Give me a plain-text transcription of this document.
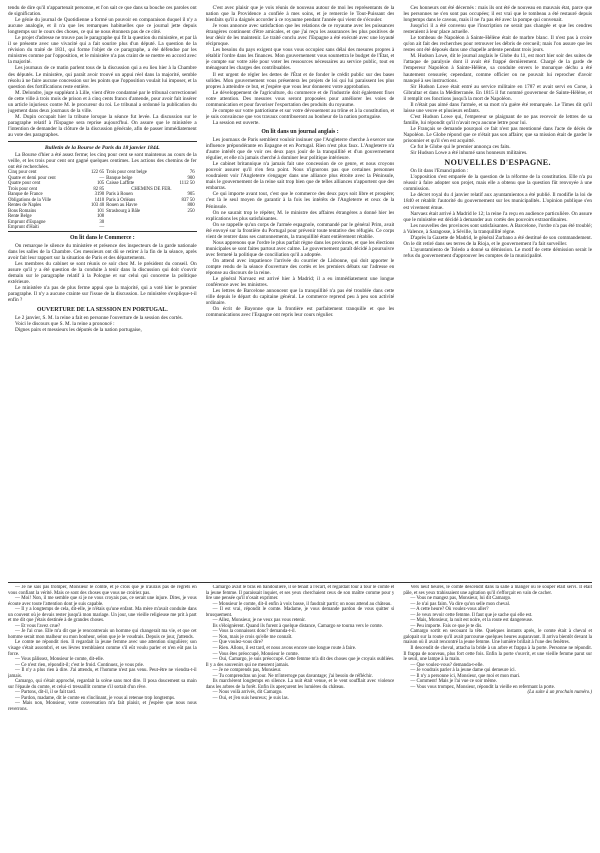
tendu de dire qu'il n'appartenait personne, et l'on sait ce que dans sa bouche ces paroles ont de signification.

Le génie du journal de Quotidienne a formé un pouvoir en comparaison duquel il n'y a aucune analogie, et il n'a que les remarques habituelles que ce journal jette depuis longtemps sur le cours des choses, ce qui ne nous étonnera pas de ce côté.

Le projet d'adresse ne trouve pas le paragraphe qui fit la question du ministère, et par là il se présente avec une vivacité qui a fait sourire plus d'un député. La question de la révision du traité de 1831, qui forme l'objet de ce paragraphe, a été défendue par les ministres comme par l'opposition, et le ministère n'a pas craint de se mettre en accord avec la majorité.

Les journaux de ce matin parlent tous de la discussion qui a eu lieu hier à la Chambre des députés. Le ministère, qui paraît avoir trouvé un appui réel dans la majorité, semble résolu à ne faire aucune concession sur les points que l'opposition voulait lui imposer, et la question des fortifications reste entière.

M. Delondre, juge suppléant à Lille, vient d'être condamné par le tribunal correctionnel de cette ville à trois mois de prison et à cinq cents francs d'amende, pour avoir fait insérer un article injurieux contre M. le procureur du roi. Le tribunal a ordonné la publication du jugement dans deux journaux de la ville.

M. Dupin occupait hier la tribune lorsque la séance fut levée. La discussion sur le paragraphe relatif à l'Espagne sera reprise aujourd'hui. On assure que le ministère a l'intention de demander la clôture de la discussion générale, afin de passer immédiatement au vote des paragraphes.

Bulletin de la Bourse de Paris du 18 janvier 1844.

La Bourse d'hier a été assez ferme; les cinq pour cent se sont maintenus au cours de la veille, et les trois pour cent ont gagné quelques centimes. Les actions des chemins de fer ont été recherchées.

Cinq pour cent	122 65	Trois pour cent belge	76
Quatre et demi pour cent	—	Banque belge	900
Quatre pour cent	105	Caisse Laffitte	1112 50
Trois pour cent	82 85	CHEMINS DE FER.	
Banque de France	3190	Paris à Rouen	905
Obligations de la Ville	1410	Paris à Orléans	837 50
Rentes de Naples	103 40	Rouen au Havre	800
Bons Romains	101	Strasbourg à Bâle	250
Rente Belge	108		
Emprunt d'Espagne	30		
Emprunt d'Haïti	—		
On lit dans le Commerce :

On remarque le silence du ministère et présence des inspecteurs de la garde nationale dans les salles de la Chambre. Ces messieurs ont dû se retirer à la fin de la séance, après avoir fait leur rapport sur la situation de Paris et des départements.

Les membres du cabinet se sont réunis ce soir chez M. le président du conseil. On assure qu'il y a été question de la conduite à tenir dans la discussion qui doit s'ouvrir demain sur le paragraphe relatif à la Pologne et sur celui qui concerne la politique extérieure.

Le ministère n'a pas de plus ferme appui que la majorité, qui a voté hier le premier paragraphe. Il n'y a aucune crainte sur l'issue de la discussion. Le ministère s'explique-t-il enfin ?

OUVERTURE DE LA SESSION EN PORTUGAL.

Le 2 janvier, S. M. la reine a fait en personne l'ouverture de la session des cortès.

Voici le discours que S. M. la reine a prononcé :

Dignes pairs et messieurs les députés de la nation portugaise,

C'est avec plaisir que je vois réunis de nouveau autour de moi les représentants de la nation que la Providence a confiée à mes soins, et je remercie le Tout-Puissant des bienfaits qu'il a daignés accorder à ce royaume pendant l'année qui vient de s'écouler.

Je vous annonce avec satisfaction que les relations de ce royaume avec les puissances étrangères continuent d'être amicales, et que j'ai reçu les assurances les plus positives de leur désir de les maintenir. Le traité conclu avec l'Espagne a été exécuté avec une loyauté réciproque.

Les besoins du pays exigent que vous vous occupiez sans délai des mesures propres à rétablir l'ordre dans les finances. Mon gouvernement vous soumettra le budget de l'État, et je compte sur votre zèle pour voter les ressources nécessaires au service public, tout en ménageant les charges des contribuables.

Il est urgent de régler les dettes de l'État et de fonder le crédit public sur des bases solides. Mon gouvernement vous présentera les projets de loi qui lui paraissent les plus propres à atteindre ce but, et j'espère que vous leur donnerez votre approbation.

Le développement de l'agriculture, du commerce et de l'industrie doit également fixer votre attention. Des mesures vous seront proposées pour améliorer les voies de communication et pour favoriser l'exportation des produits du royaume.

Je compte sur votre patriotisme et sur votre dévouement au trône et à la constitution, et je suis convaincue que vos travaux contribueront au bonheur de la nation portugaise.

La session est ouverte.

On lit dans un journal anglais :

Les journaux de Paris semblent vouloir insinuer que l'Angleterre cherche à exercer une influence prépondérante en Espagne et en Portugal. Rien n'est plus faux. L'Angleterre n'a d'autre intérêt que de voir ces deux pays jouir de la tranquillité et d'un gouvernement régulier, et elle n'a jamais cherché à dominer leur politique intérieure.

Le cabinet britannique n'a jamais fait une concession de ce genre, et nous croyons pouvoir assurer qu'il n'en fera point. Nous n'ignorons pas que certaines personnes voudraient voir l'Angleterre s'engager dans une alliance plus étroite avec la Péninsule, mais le gouvernement de la reine sait trop bien que de telles alliances n'apportent que des embarras.

Ce qui importe avant tout, c'est que le commerce des deux pays soit libre et prospère; c'est là le seul moyen de garantir à la fois les intérêts de l'Angleterre et ceux de la Péninsule.

On ne saurait trop le répéter, M. le ministre des affaires étrangères a donné hier les explications les plus satisfaisantes.

On se rappelle qu'un corps de l'armée espagnole, commandé par le général Prim, avait été envoyé sur la frontière du Portugal pour prévenir toute tentative des réfugiés. Ce corps vient de rentrer dans ses cantonnements, la tranquillité étant entièrement rétablie.

Nous apprenons que l'ordre le plus parfait règne dans les provinces, et que les élections municipales se sont faites partout avec calme. Le gouvernement paraît décidé à poursuivre avec fermeté la politique de conciliation qu'il a adoptée.

On attend avec impatience l'arrivée du courrier de Lisbonne, qui doit apporter le compte rendu de la séance d'ouverture des cortès et les premiers débats sur l'adresse en réponse au discours de la reine.

Le général Narvaez est arrivé hier à Madrid; il a eu immédiatement une longue conférence avec les ministres.

Les lettres de Barcelone annoncent que la tranquillité n'a pas été troublée dans cette ville depuis le départ du capitaine général. Le commerce reprend peu à peu son activité ordinaire.

On écrit de Bayonne que la frontière est parfaitement tranquille et que les communications avec l'Espagne ont repris leur cours régulier.

Ces honneurs ont été décernés : mais ils ont été de nouveau en mauvais état, parce que les personnes ne s'en sont pas occupées; il est vrai que le tombeau a été restauré depuis longtemps dans le caveau, mais il ne l'a pas été avec la pompe qui convenait.

Jusqu'ici il a été convenu que l'inscription ne serait pas changée et que les cendres resteraient à leur place actuelle.

Le tombeau de Napoléon à Sainte-Hélène était de marbre blanc. Il n'est pas à croire qu'on ait fait des recherches pour retrouver les débris de cercueil; mais l'on assure que les restes ont été déposés dans une chapelle ardente pendant trois jours.

M. Hudson Lowe, dit le journal anglais le Globe du 11, est mort hier soir des suites de l'attaque de paralysie dont il avait été frappé dernièrement. Chargé de la garde de l'empereur Napoléon à Sainte-Hélène, sa conduite envers le monarque déchu a été hautement censurée; cependant, comme officier on ne pouvait lui reprocher d'avoir manqué à ses instructions.

Sir Hudson Lowe était entré au service militaire en 1787 et avait servi en Corse, à Gibraltar et dans la Méditerranée. En 1815 il fut nommé gouverneur de Sainte-Hélène, et il remplit ces fonctions jusqu'à la mort de Napoléon.

Il n'était pas aimé dans l'armée, et sa mort n'a guère été remarquée. Le Times dit qu'il laisse une veuve et plusieurs enfants.

C'est Hudson Lowe qui, l'empereur se plaignant de ne pas recevoir de lettres de sa famille, lui répondit qu'il n'avait reçu aucune lettre pour lui.

Le Français se demande pourquoi ce fait n'est pas mentionné dans l'acte de décès de Napoléon. Le Globe répond que ce n'était pas son affaire; que sa mission était de garder le prisonnier et qu'il s'en est acquitté.

Ce fut le Globe qui le premier annonça ces faits.

Sir Hudson Lowe a été inhumé sans honneurs militaires.

NOUVELLES D'ESPAGNE.

On lit dans l'Emancipation :

L'opposition s'est emparée de la question de la réforme de la constitution. Elle n'a pu réussir à faire adopter son projet, mais elle a obtenu que la question fût renvoyée à une commission.

Le décret royal du 4 janvier relatif aux ayuntamientos a été publié. Il modifie la loi de 1840 et rétablit l'autorité du gouvernement sur les municipalités. L'opinion publique s'en est vivement émue.

Narvaez était arrivé à Madrid le 12; la reine l'a reçu en audience particulière. On assure que le ministère est décidé à demander aux cortès des pouvoirs extraordinaires.

Les nouvelles des provinces sont satisfaisantes. A Barcelone, l'ordre n'a pas été troublé; à Valence, à Saragosse, à Séville, la tranquillité règne.

D'après la Gazette de Madrid, le général Zurbano a été destitué de son commandement. On le dit retiré dans ses terres de la Rioja, et le gouvernement l'a fait surveiller.

L'ayuntamiento de Toledo a donné sa démission. Le motif de cette démission serait le refus du gouvernement d'approuver les comptes de la municipalité.

— Je ne sais pas tromper, Monsieur le comte, et je crois que je n'aurais pas de regrets en vous confiant la vérité. Mais ce sont des choses que vous ne croiriez pas.

— Moi! Non, il me semble que si je ne vous croyais pas, ce serait une injure. Dites, je vous écoute avec toute l'attention dont je suis capable.

— Il y a longtemps de cela, dit-elle, je n'étais qu'une enfant. Ma mère m'avait conduite dans un couvent où je devais rester jusqu'à mon mariage. Un jour, une vieille religieuse me prit à part et me dit que j'étais destinée à de grandes choses.

— Et vous l'avez crue?

— Je l'ai crue. Elle m'a dit que je rencontrerais un homme qui changerait ma vie, et que cet homme serait mon malheur ou mon bonheur, selon que je le voudrais. Depuis ce jour, j'attends.

Le comte ne répondit rien. Il regardait la jeune femme avec une attention singulière; son visage s'était assombri, et ses lèvres tremblaient comme s'il eût voulu parler et n'en eût pas la force.

— Vous pâlissez, Monsieur le comte, dit-elle.

— Ce n'est rien, répondit-il; c'est le froid. Continuez, je vous prie.

— Il n'y a plus rien à dire. J'ai attendu, et l'homme n'est pas venu. Peut-être ne viendra-t-il jamais.

Camargo, qui s'était approché, regardait la scène sans mot dire. Il posa doucement sa main sur l'épaule du comte, et celui-ci tressaillit comme s'il sortait d'un rêve.

— Partons, dit-il, il se fait tard.

— Pardon, madame, dit le comte en s'inclinant, je vous ai retenue trop longtemps.

— Mais non, Monsieur, votre conversation m'a fait plaisir, et j'espère que nous nous reverrons.

Camargo avait le bras en bandoulière, il se tenait à l'écart, et regardait tour à tour le comte et la jeune femme. Il paraissait inquiet, et ses yeux cherchaient ceux de son maître comme pour y lire une pensée qu'il n'osait exprimer.

— Monsieur le comte, dit-il enfin à voix basse, il faudrait partir; on nous attend au château.

— Il est vrai, répondit le comte. Madame, je vous demande pardon de vous quitter si brusquement.

— Allez, Monsieur, je ne veux pas vous retenir.

Ils s'éloignèrent. Quand ils furent à quelque distance, Camargo se tourna vers le comte.

— Vous la connaissez donc? demanda-t-il.

— Non, mais je crois qu'elle me connaît.

— Que voulez-vous dire?

— Rien. Allons, il est tard, et nous avons encore une longue route à faire.

— Vous êtes préoccupé, Monsieur le comte.

— Oui, Camargo, je suis préoccupé. Cette femme m'a dit des choses que je croyais oubliées. Il y a des souvenirs qui ne meurent jamais.

— Je ne comprends pas, Monsieur.

— Tu comprendras un jour. Ne m'interroge pas davantage; j'ai besoin de réfléchir.

Ils marchèrent longtemps en silence. La nuit était venue, et le vent soufflait avec violence dans les arbres de la forêt. Enfin ils aperçurent les lumières du château.

— Nous voilà arrivés, dit Camargo.

— Oui, et j'en suis heureux; je suis las.

Vers neuf heures, le comte descendit dans la salle à manger où le souper était servi. Il était pâle, et ses yeux trahissaient une agitation qu'il s'efforçait en vain de cacher.

— Vous ne mangez pas, Monsieur, lui dit Camargo.

— Je n'ai pas faim. Va dire qu'on selle mon cheval.

— A cette heure? Où voulez-vous aller?

— Je veux revoir cette femme. Il faut que je sache qui elle est.

— Mais, Monsieur, la nuit est noire, et la route est dangereuse.

— Peu importe. Fais ce que je te dis.

Camargo sortit en secouant la tête. Quelques instants après, le comte était à cheval et galopait sur la route qu'il avait parcourue quelques heures auparavant. Il arriva bientôt devant la maison où il avait rencontré la jeune femme. Une lumière brillait à l'une des fenêtres.

Il descendit de cheval, attacha la bride à un arbre et frappa à la porte. Personne ne répondit. Il frappa de nouveau, plus fort cette fois. Enfin la porte s'ouvrit, et une vieille femme parut sur le seuil, une lampe à la main.

— Que voulez-vous? demanda-t-elle.

— Je voudrais parler à la jeune dame qui demeure ici.

— Il n'y a personne ici, Monsieur, que moi et mon mari.

— Comment! Mais je l'ai vue ce soir même.

— Vous vous trompez, Monsieur, répondit la vieille en refermant la porte.

(La suite à un prochain numéro.)
